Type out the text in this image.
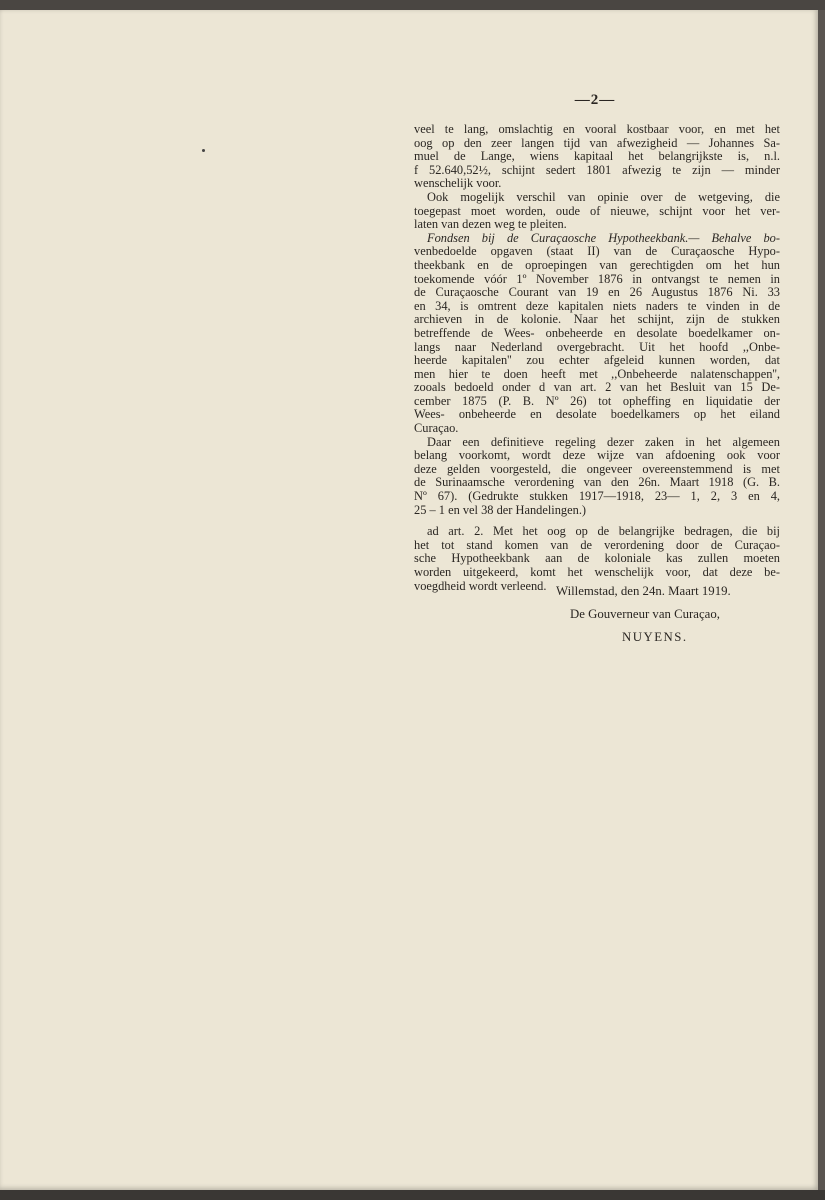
—2—
veel te lang, omslachtig en vooral kostbaar voor, en met het
oog op den zeer langen tijd van afwezigheid — Johannes Sa-
muel de Lange, wiens kapitaal het belangrijkste is, n.l.
f 52.640,52½, schijnt sedert 1801 afwezig te zijn — minder
wenschelijk voor.
Ook mogelijk verschil van opinie over de wetgeving, die
toegepast moet worden, oude of nieuwe, schijnt voor het ver-
laten van dezen weg te pleiten.
Fondsen bij de Curaçaosche Hypotheekbank.— Behalve bo-
venbedoelde opgaven (staat II) van de Curaçaosche Hypo-
theekbank en de oproepingen van gerechtigden om het hun
toekomende vóór 1º November 1876 in ontvangst te nemen in
de Curaçaosche Courant van 19 en 26 Augustus 1876 Ni. 33
en 34, is omtrent deze kapitalen niets naders te vinden in de
archieven in de kolonie. Naar het schijnt, zijn de stukken
betreffende de Wees- onbeheerde en desolate boedelkamer on-
langs naar Nederland overgebracht. Uit het hoofd ,,Onbe-
heerde kapitalen'' zou echter afgeleid kunnen worden, dat
men hier te doen heeft met ,,Onbeheerde nalatenschappen'',
zooals bedoeld onder d van art. 2 van het Besluit van 15 De-
cember 1875 (P. B. Nº 26) tot opheffing en liquidatie der
Wees- onbeheerde en desolate boedelkamers op het eiland
Curaçao.
Daar een definitieve regeling dezer zaken in het algemeen
belang voorkomt, wordt deze wijze van afdoening ook voor
deze gelden voorgesteld, die ongeveer overeenstemmend is met
de Surinaamsche verordening van den 26n. Maart 1918 (G. B.
Nº 67). (Gedrukte stukken 1917—1918, 23— 1, 2, 3 en 4,
25 – 1 en vel 38 der Handelingen.)
ad art. 2. Met het oog op de belangrijke bedragen, die bij
het tot stand komen van de verordening door de Curaçao-
sche Hypotheekbank aan de koloniale kas zullen moeten
worden uitgekeerd, komt het wenschelijk voor, dat deze be-
voegdheid wordt verleend. Willemstad, den 24n. Maart 1919.
De Gouverneur van Curaçao,
NUYENS.
